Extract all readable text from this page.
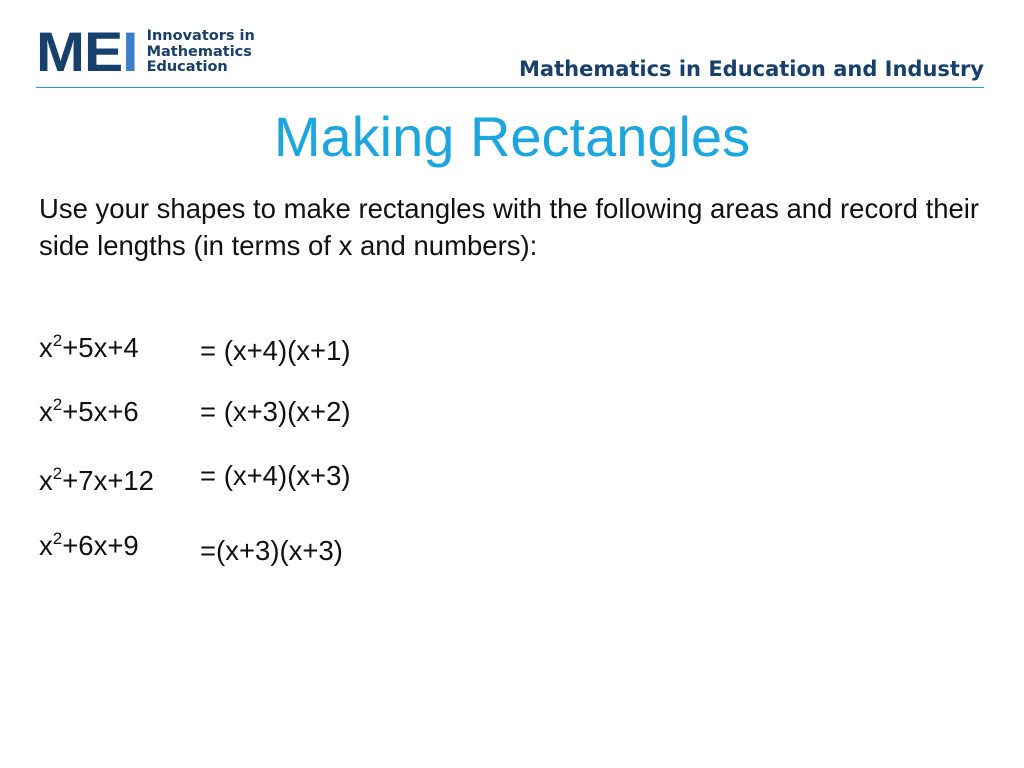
MEI Innovators in
Mathematics
Education	Mathematics in Education and Industry
Making Rectangles
Use your shapes to make rectangles with the following areas and record their side lengths (in terms of x and numbers):
$x^2+5x+4 = (x+4)(x+1)$
$x^2+5x+6 = (x+3)(x+2)$
$x^2+7x+12 = (x+4)(x+3)$
$x^2+6x+9 =(x+3)(x+3)$
